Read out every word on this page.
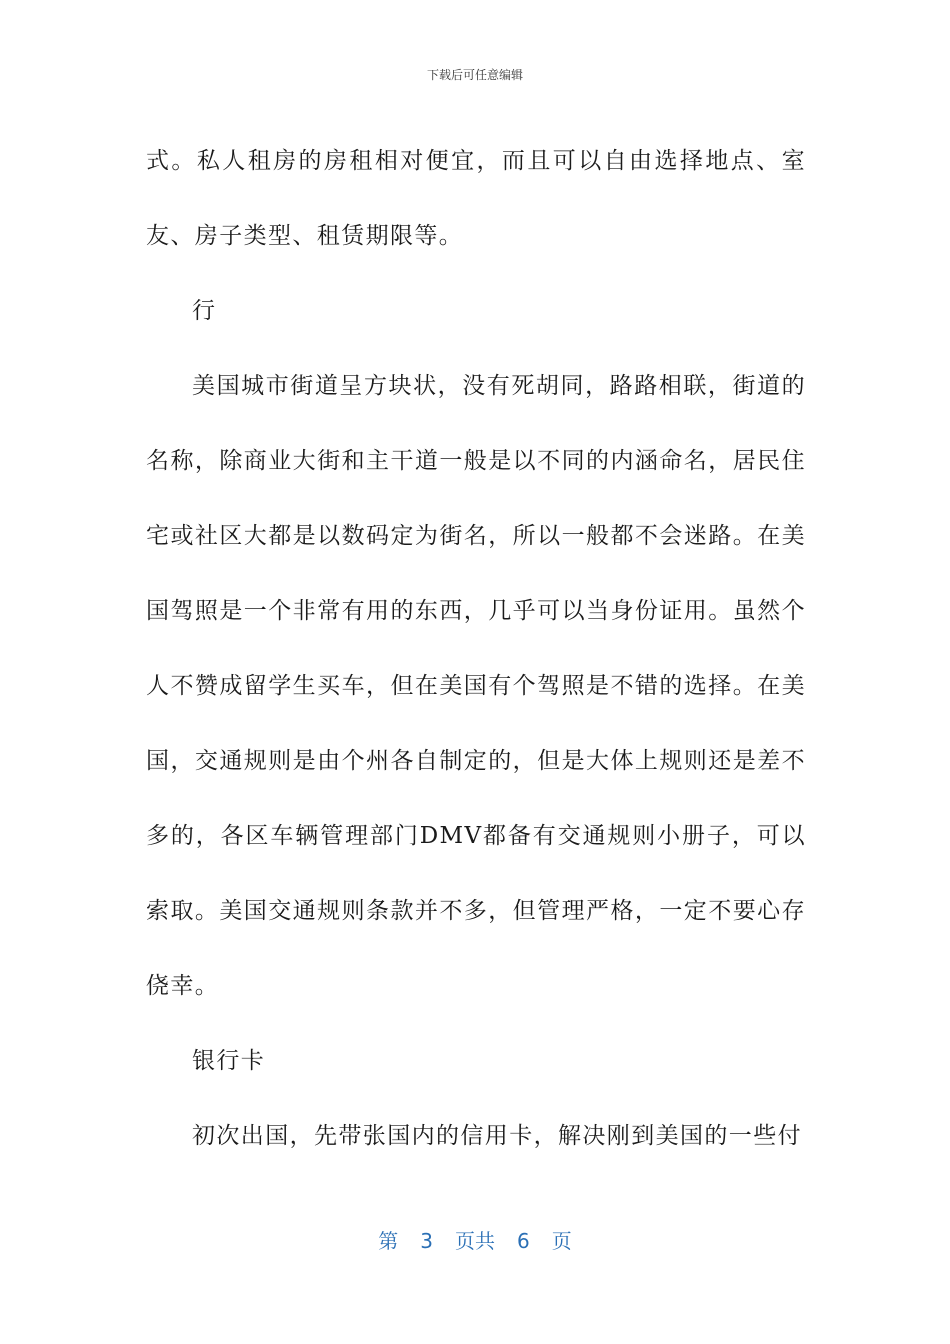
下载后可任意编辑

式。私人租房的房租相对便宜，而且可以自由选择地点、室友、房子类型、租赁期限等。

行

美国城市街道呈方块状，没有死胡同，路路相联，街道的名称，除商业大街和主干道一般是以不同的内涵命名，居民住宅或社区大都是以数码定为街名，所以一般都不会迷路。在美国驾照是一个非常有用的东西，几乎可以当身份证用。虽然个人不赞成留学生买车，但在美国有个驾照是不错的选择。在美国，交通规则是由个州各自制定的，但是大体上规则还是差不多的，各区车辆管理部门DMV都备有交通规则小册子，可以索取。美国交通规则条款并不多，但管理严格，一定不要心存侥幸。

银行卡

初次出国，先带张国内的信用卡，解决刚到美国的一些付

第 3 页共 6 页
